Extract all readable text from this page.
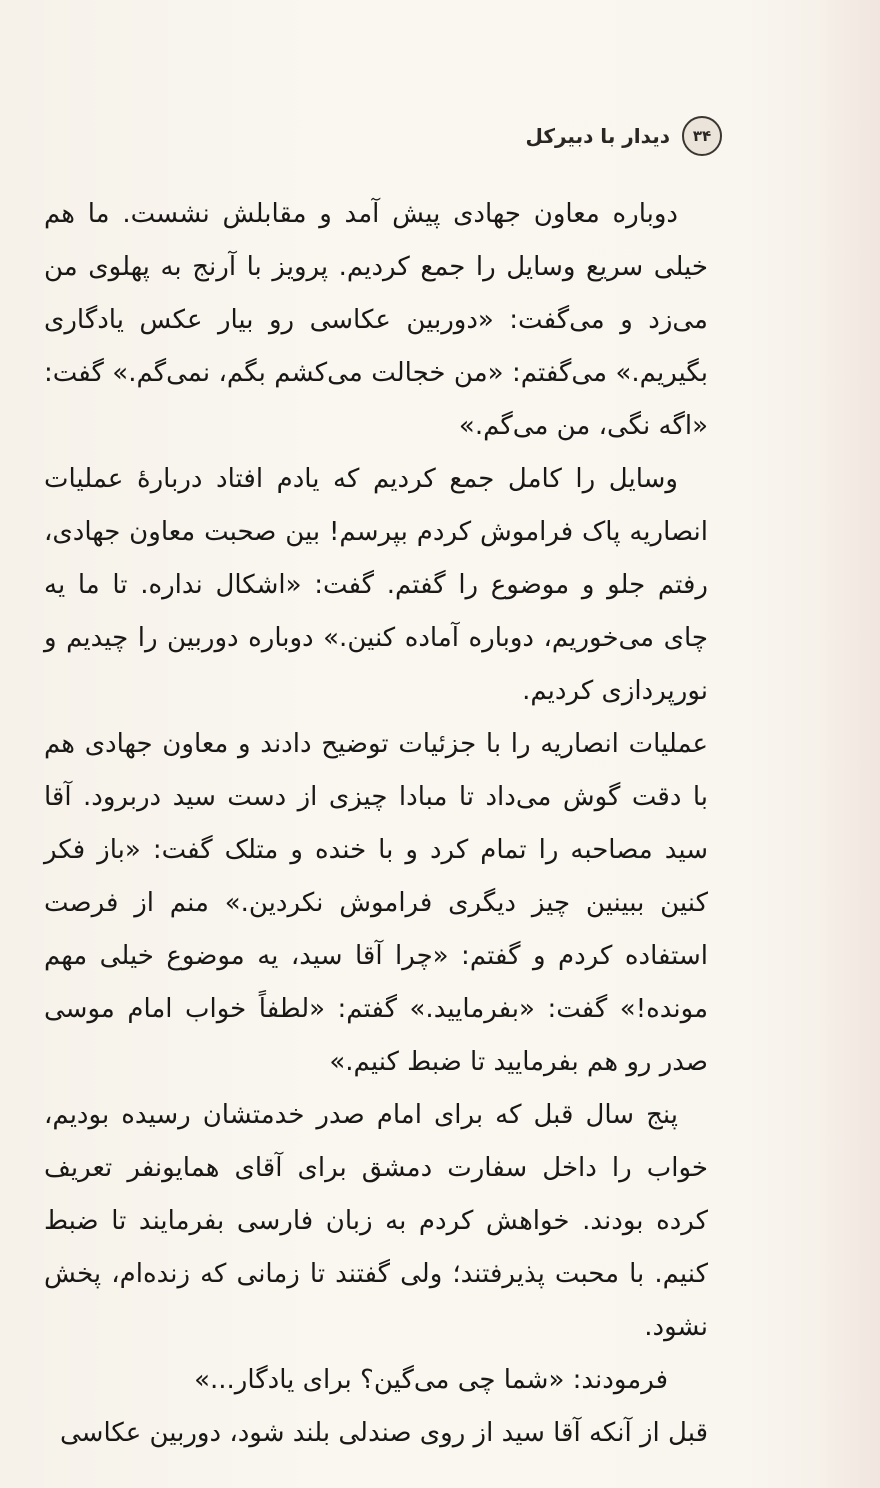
۳۴
دیدار با دبیرکل

دوباره معاون جهادی پیش آمد و مقابلش نشست. ما هم خیلی سریع وسایل را جمع کردیم. پرویز با آرنج به پهلوی من می‌زد و می‌گفت: «دوربین عکاسی رو بیار عکس یادگاری بگیریم.» می‌گفتم: «من خجالت می‌کشم بگم، نمی‌گم.» گفت: «اگه نگی، من می‌گم.»

وسایل را کامل جمع کردیم که یادم افتاد دربارهٔ عملیات انصاریه پاک فراموش کردم بپرسم! بین صحبت معاون جهادی، رفتم جلو و موضوع را گفتم. گفت: «اشکال نداره. تا ما یه چای می‌خوریم، دوباره آماده کنین.» دوباره دوربین را چیدیم و نورپردازی کردیم.

عملیات انصاریه را با جزئیات توضیح دادند و معاون جهادی هم با دقت گوش می‌داد تا مبادا چیزی از دست سید دربرود. آقا سید مصاحبه را تمام کرد و با خنده و متلک گفت: «باز فکر کنین ببینین چیز دیگری فراموش نکردین.» منم از فرصت استفاده کردم و گفتم: «چرا آقا سید، یه موضوع خیلی مهم مونده!» گفت: «بفرمایید.» گفتم: «لطفاً خواب امام موسی صدر رو هم بفرمایید تا ضبط کنیم.»

پنج سال قبل که برای امام صدر خدمتشان رسیده بودیم، خواب را داخل سفارت دمشق برای آقای همایونفر تعریف کرده بودند. خواهش کردم به زبان فارسی بفرمایند تا ضبط کنیم. با محبت پذیرفتند؛ ولی گفتند تا زمانی که زنده‌ام، پخش نشود.

فرمودند: «شما چی می‌گین؟ برای یادگار...»

قبل از آنکه آقا سید از روی صندلی بلند شود، دوربین عکاسی
